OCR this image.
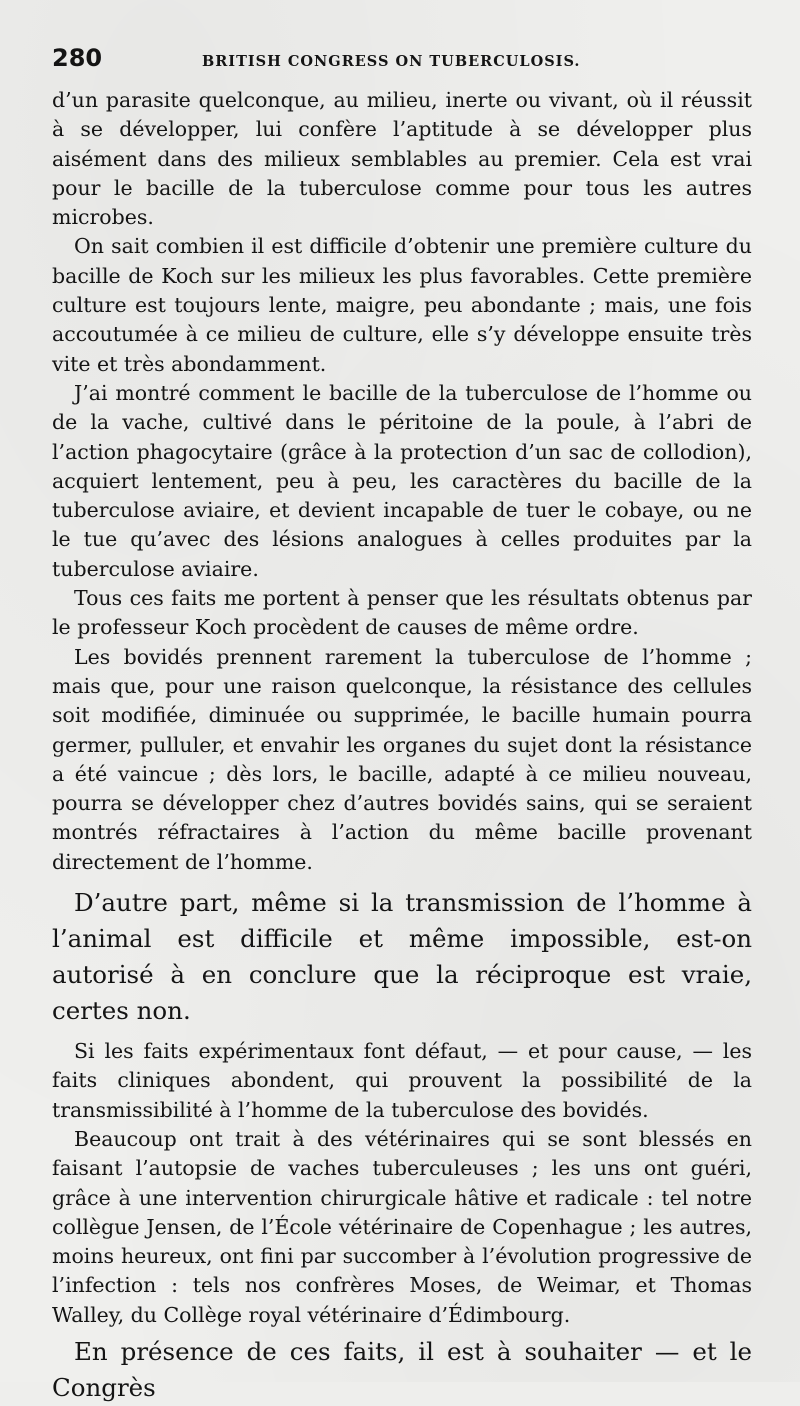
280	BRITISH CONGRESS ON TUBERCULOSIS.

d’un parasite quelconque, au milieu, inerte ou vivant, où il réussit à se développer, lui confère l’aptitude à se développer plus aisément dans des milieux semblables au premier. Cela est vrai pour le bacille de la tuberculose comme pour tous les autres microbes.

On sait combien il est difficile d’obtenir une première culture du bacille de Koch sur les milieux les plus favorables. Cette première culture est toujours lente, maigre, peu abondante ; mais, une fois accoutumée à ce milieu de culture, elle s’y développe ensuite très vite et très abondamment.

J’ai montré comment le bacille de la tuberculose de l’homme ou de la vache, cultivé dans le péritoine de la poule, à l’abri de l’action phagocytaire (grâce à la protection d’un sac de collodion), acquiert lentement, peu à peu, les caractères du bacille de la tuberculose aviaire, et devient incapable de tuer le cobaye, ou ne le tue qu’avec des lésions analogues à celles produites par la tuberculose aviaire.

Tous ces faits me portent à penser que les résultats obtenus par le professeur Koch procèdent de causes de même ordre.

Les bovidés prennent rarement la tuberculose de l’homme ; mais que, pour une raison quelconque, la résistance des cellules soit modifiée, diminuée ou supprimée, le bacille humain pourra germer, pulluler, et envahir les organes du sujet dont la résistance a été vaincue ; dès lors, le bacille, adapté à ce milieu nouveau, pourra se développer chez d’autres bovidés sains, qui se seraient montrés réfractaires à l’action du même bacille provenant directement de l’homme.

D’autre part, même si la transmission de l’homme à l’animal est difficile et même impossible, est-on autorisé à en conclure que la réciproque est vraie, certes non.

Si les faits expérimentaux font défaut, — et pour cause, — les faits cliniques abondent, qui prouvent la possibilité de la transmissibilité à l’homme de la tuberculose des bovidés.

Beaucoup ont trait à des vétérinaires qui se sont blessés en faisant l’autopsie de vaches tuberculeuses ; les uns ont guéri, grâce à une intervention chirurgicale hâtive et radicale : tel notre collègue Jensen, de l’École vétérinaire de Copenhague ; les autres, moins heureux, ont fini par succomber à l’évolution progressive de l’infection : tels nos confrères Moses, de Weimar, et Thomas Walley, du Collège royal vétérinaire d’Édimbourg.

En présence de ces faits, il est à souhaiter — et le Congrès
